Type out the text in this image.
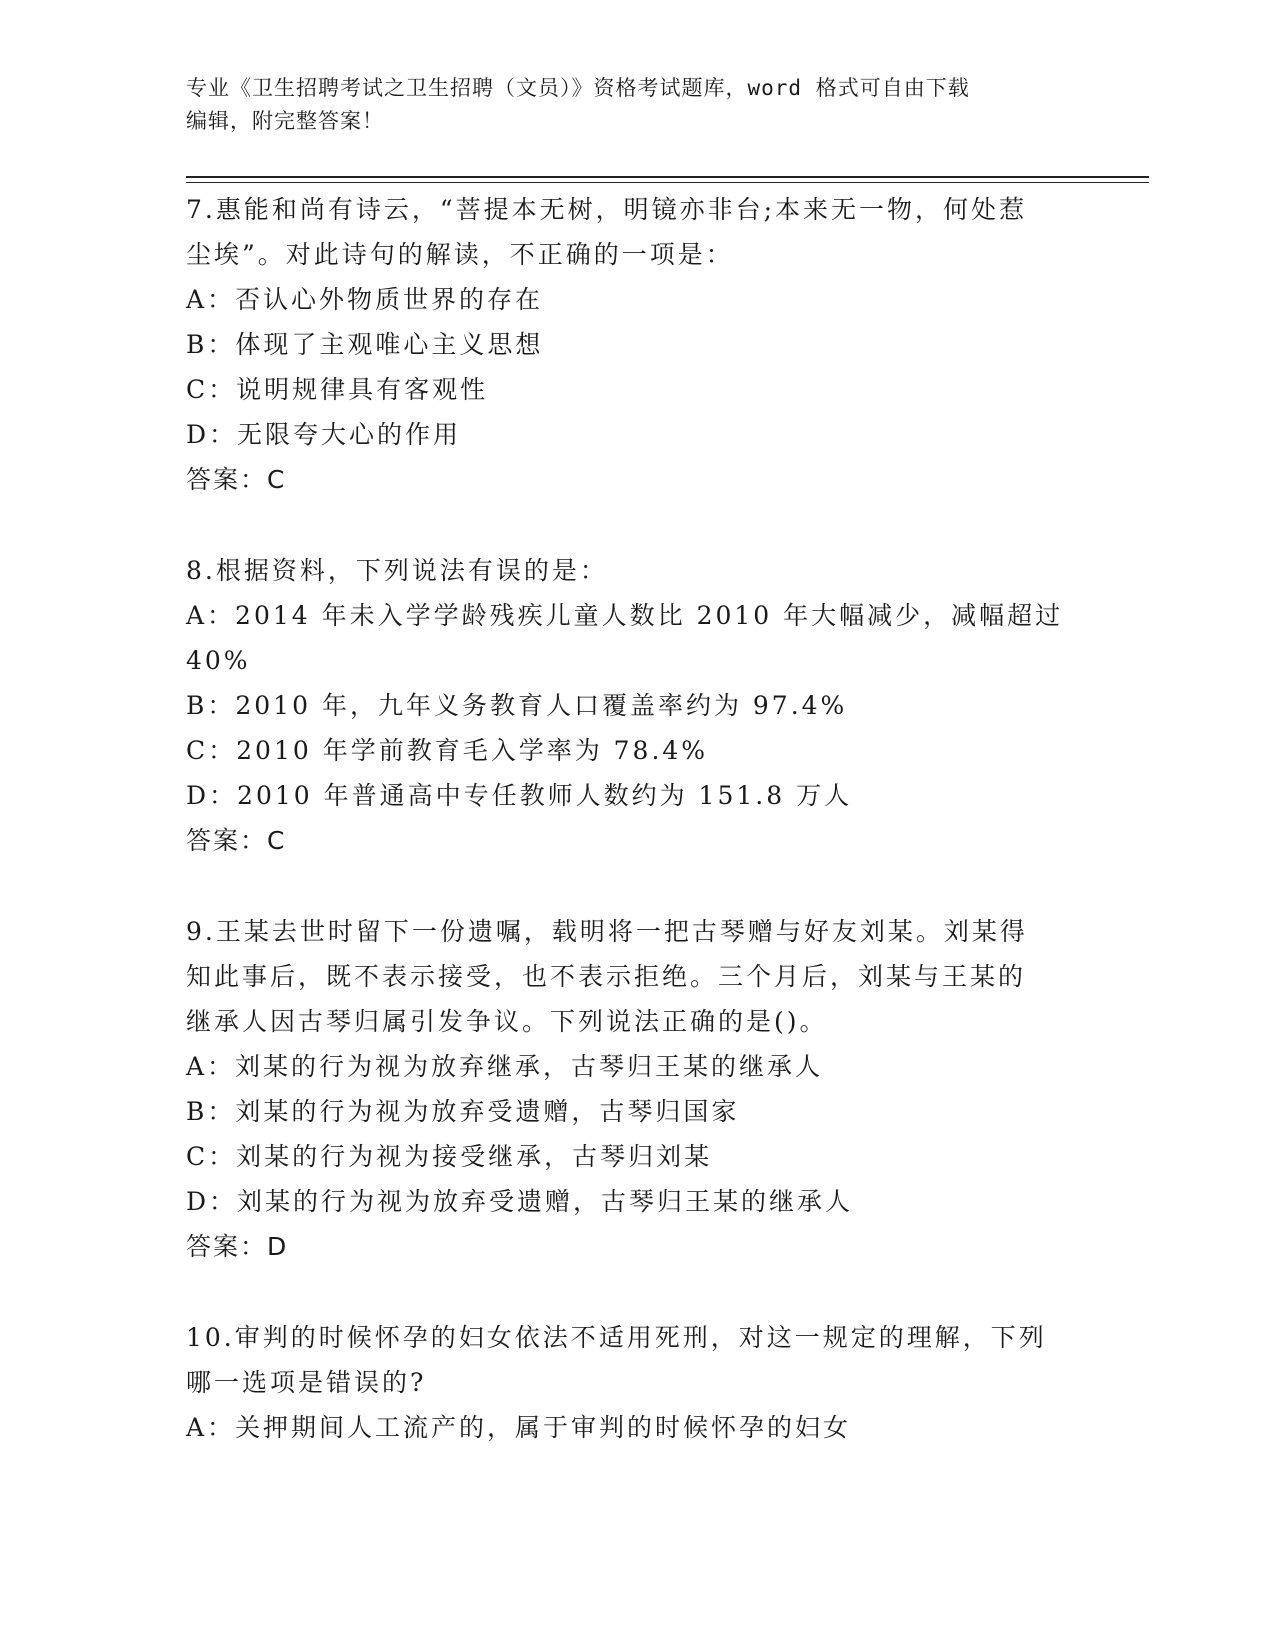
专业《卫生招聘考试之卫生招聘（文员）》资格考试题库，word 格式可自由下载
编辑，附完整答案！
7.惠能和尚有诗云，“菩提本无树，明镜亦非台;本来无一物，何处惹
尘埃”。对此诗句的解读，不正确的一项是：
A：否认心外物质世界的存在
B：体现了主观唯心主义思想
C：说明规律具有客观性
D：无限夸大心的作用
答案：C
8.根据资料，下列说法有误的是：
A：2014 年未入学学龄残疾儿童人数比 2010 年大幅减少，减幅超过
40%
B：2010 年，九年义务教育人口覆盖率约为 97.4%
C：2010 年学前教育毛入学率为 78.4%
D：2010 年普通高中专任教师人数约为 151.8 万人
答案：C
9.王某去世时留下一份遗嘱，载明将一把古琴赠与好友刘某。刘某得
知此事后，既不表示接受，也不表示拒绝。三个月后，刘某与王某的
继承人因古琴归属引发争议。下列说法正确的是()。
A：刘某的行为视为放弃继承，古琴归王某的继承人
B：刘某的行为视为放弃受遗赠，古琴归国家
C：刘某的行为视为接受继承，古琴归刘某
D：刘某的行为视为放弃受遗赠，古琴归王某的继承人
答案：D
10.审判的时候怀孕的妇女依法不适用死刑，对这一规定的理解，下列
哪一选项是错误的?
A：关押期间人工流产的，属于审判的时候怀孕的妇女
